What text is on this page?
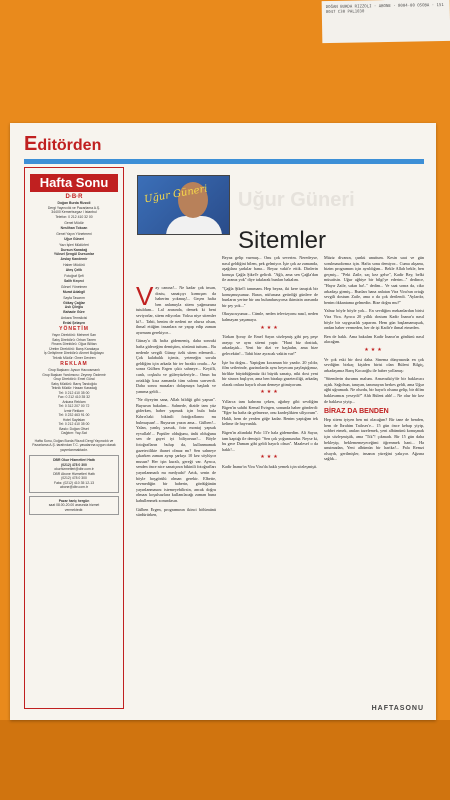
DOĞAN BURDA RIZZOLI · ABONE · 8004-00 OSOBA · 151 8047 C30 PAL1030
Editörden
Hafta Sonu
D·B·R
Doğan Burda Rizzoli
Dergi Yayıncılık ve Pazarlama A.Ş.
34400 Kemerburgaz / İstanbul
Telefon: 0 212 410 32 00
Genel Müdür
Neslihan Tokcan
Genel Yayın Yönetmeni
Uğur Güneri
Yazı İşleri Müdürleri
Dursun Karadağ
Yüksel Şengül Dursunlar
Arslay Kandemir
Haber Müdürü
Ateş Çelik
Fotoğraf Şefi
Salih Keçeci
Görsel Yönetmen
Murat Adalıgil
Sayfa Tasarım
Gökay Çağlar
Aslı Çileğlu
Bahadır Güre
Ankara Temsilcisi
Erdal Şelaşen
YÖNETİM
Yayın Direktörü: Mehmet Sarı
Satış Direktörü: Orhan Tanen
Finans Direktörü: Oğuz Bilitan
Üretim Direktörü: Barış Karakaya
İş Geliştirme Direktörü: Ahmet Buğdaycı
Teknik Müdür: Ömer Deviren
REKLAM
Grup Başkanı: Aysun Hacıosmanlı
Grup Başkan Yardımcısı: Zeynep Özdemir
Grup Direktörü: Emel Güral
Satış Müdürü: Barış Tandoğdu
Teknik Müdür: Hasan Karadağ
Tel: 0 212 410 35 00
Fax: 0 212 410 35 32
Ankara Reklam
Tel: 0 312 207 00 72
İzmir Reklam
Tel: 0 232 463 91 00
Hotel Sayfaları
Tel: 0 212 410 35 00
Baskı: Doğan Ofset
Dağıtım: Yay-Sat
Hafta Sonu, Doğan Burda Rizzoli Dergi Yayıncılık ve Pazarlama A.Ş. tarafından T.C. yasalarına uygun olarak yayımlanmaktadır.
DBR Okur Hizmetleri Hattı
(0212) 478 0 300
okurhizmetleri@dbr.com.tr
DBR Abone Hizmetleri Hattı
(0212) 478 0 300
Faks: (0212) 410 35 12-13
abone@dbr.com.tr
Pazar hariç hergün
saat 08.00-20.00 arasında hizmet
vermektedir.
Uğur Güneri Uğur Güneri
Sitemler
V ay canına!... Ne kadar çok insan, dostu, sanatçıyı kırmışım da haberim yokmuş!... Geçen hafta ben anlamıyla sitem yağmuruna tutuldum... Lal arasında, demek ki beni seviyorlar, sitem ediyorlar. Yoksa niye sitemler ki?... Tabii, benim de nedeni ne olursa olsun, ihmal ettiğim insanlara ne yapıp edip zaman ayırmam gerekiyor...

Günay'a ilk hafta gidememiş, daha sonraki hafta gideceğim demiştim, sözümü tuttum... Bu nedenle sevgili Günay özlü sitem edemedi... Çok kalabalık içimiz, yeteneğin sorulu geldiğim için arkada bir ter bıraktı orada... Az sonra Gülben Ergen çıktı sahneye... Keyifli, canlı, coşkulu ve güleryüzleriyle... Onun bu ortaklığı kısa zamanda tüm salonu sarıverdi. Daha sonra masaları dolaşmaya başladı ve yanıma geldi...

"Ne diyeyim sana, Allah bildiği gibi yapsın". Buyurun bakalım... Sahnede, dizide tam yüz giderken, haber yapmak için bula bula Kıbrıs'taki bikinili fotoğraflarını mı bulmuşsun!... Buyurun yazın ama... Gülben!... Yalan, yanlış yazsak, foto montaj yapsak eyvallah!... Popüler olduğunu, ünlü olduğunu sen de gayet iyi biliyorsun!... Böyle fotoğrafların bulup da, kullanmamak gazetecilikte ihanet olmaz mı? Sen sahneye çıkarken zaman ayrıp şarkıyı 10 kez söylüyor musun? Her işin kuralı, gereği var. Ayrıca, senden önce nice sanatçının bikinili fotoğrafları yayınlanmadı mı medyada? Artık, senin de böyle hoşgörülü olman gerekir. Elbette, sevmediğin bir haberin, gördüğünün yayınlanmasını istemeyebilirsin, ancak doğru olmazı koşulsuzlara kullanılacağı zaman buna kabullenmek zorundasın.

Gülben Ergen, programının ikinci bölümünü sürdürürken,

Beyaz gelip vurmuş... Onu çok severim. Neredeyse, nasıl geldiğini bilem, pek gelmiyor. İşte çok az zamanda, aşağılara şarkılar bana... Beyaz vakit'e ettik. Dinlerin konuşu Çağla Şikel'e gelirdi. "Ağlı, ama sen Çağla'dan ile aranız yok" diye takılarak bunları bakalım.

"Çağla Şikel'i tanımam. Hep beyaz, iki kere tanıştık bir konuşmuşsunuz. Basın, nüfusuna getirdiği günlere de bunların yerine bir anı bulunduruyorsa ikimizin arasında bir şey yok..."

Okuyucuyunuz... Cümle, neden televizyonu nasıl, neden kalmayan yaşamaya.

★★★

Türkan Şoray ile Emel Sayın sözleşmiş gibi peş peşe arayıp ve aynı sitemi yaptı: "Hani biz dosttuk, arkadaştık... Yeni bir dizi ve başladın, ama bize gelecektin!... Tabii bize ayracak vaktin var!"

İşte bu doğru... Yaptığım kocaman bir yazdır. 20 yıldır, film setlerinde, gazinolarda aynı heyecanı paylaştığımız, birlikte büyüdüğümüz iki büyük sanatçı, niki dost yeni bir sinava başlıyor, ama ben birakıp gazeteciliği, arkadaş olarak onlara hayırlı olsun demeye gitmiyorum.

★★★

Yıllarca tam kahrımı çeken, ağabey gibi sevdiğim Bigen'in sahibi Kemal Evirgen, sonunda haber gönderdi: "Eğer bu hafta da gelmezse, onu kardeşlikten siliyorum". Hakli, hem de yerden göğe kadar. Benim yaptığım tek kelime ile hayvanlık.

Bigen'in altındaki Polo 13'e hala gidemedim. Ali Sayar, tam kaptığı ile demişti: "Sen çok yoğunsundur. Neyse ki, bu gece Duman gibi geldi hayırlı olsun". Maalesef o da haklı!...

★★★

Kadir İnanır'ın Vira Vira'da haklı yemek için sözleşmişti.

Müziz divanın, çunkü unuttum. Kesin saat ve gün sorulmasıdırmız için. Hafta sonu demiyor... Cuma akşamı, bizim programım için ayrıldığım... Bekle Allah bekle, ben geçmiş... "Peki Zaile, saç kez gelse", Kadir Bey, belki müsaitsin. Uğur ağbiye bir bilgi'ye ederim..." dedince, "Hayır Zaile, sakın ha!.." dedim... Ve saat sonra da, ciko arkadaşı girmiş... Bunları bana anlatan Vira Vira'nın ortağı sevgili dostum Zaile, ama o da çok dertlendi. "Aylardır, benim ökkantama gelmedin. Bize doğru mu?"

Yalnız böyle böyle yok... En sevdiğim mekanlardan birisi Vira Vira. Ayrıca 20 yıllık dostum Kadir İnanır'a nasıl böyle bir saygısızlık yaparım. Hem gün başlamamışsak, ondan haber vermeden, her de işi Kadir'e ihmal etmeden.

Ben de haklı. Ama bakalım Kadir İnanır'ın gönlünü nasıl alacağım.

★★★

Ve çok eski bir dost daha. Sinema dünyasında en çok sevdiğim birkaç kişiden birisi olan Bülent Bilgiç, arkadaşımız Barış Kocaoğlu ile haber yollamış:

"Sitemlerin durumu malum. Arnavutköy'de bir baklavacı açtık. Sağolsun, tanıyan, tanımayan herkes geldi, ama Uğur ağbi uğramadı. Ne olurdu, bir hayırlı olsuna gelip, bir dilim baklavamızı yeseydi?" Ahh Bülent ahh!... Ne olur bir kez de baklava yiyip...

BİRAZ DA BENDEN

Hep sitem iyiyen ben mi olacağım? Bir tane de benden, hem de İbrahim Tatlıses'e... 15 gün önce kebap yiyip, sohbet etmek, anıları tazelemek, yeni albümünü konuşmak için sözleşmiştik, ama "Tık"! çıkmadı. Bir 15 gün daha bekleyip, beklememeyeceğimi öğrenmek hani... Ha unutmadan, Yeni albümün bir harika!... Pala Remzi olsaydı, gerilmişler, insanın yüreğini yakıyor. Ağzına sağlık...

HAFTASONU
